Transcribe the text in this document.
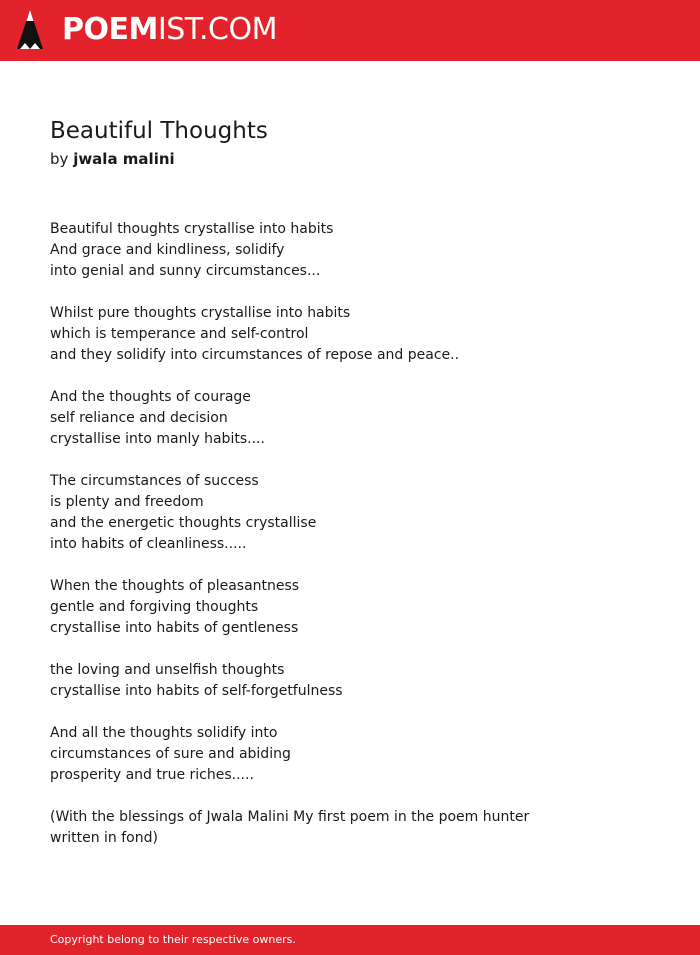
POEMIST.COM
Beautiful Thoughts
by jwala malini
Beautiful thoughts crystallise into habits
And grace and kindliness, solidify
into genial and sunny circumstances...
Whilst pure thoughts crystallise into habits
which is temperance and self-control
and they solidify into circumstances of repose and peace..
And the thoughts of courage
self reliance and decision
crystallise into manly habits....
The circumstances of success
is plenty and freedom
and the energetic thoughts crystallise
into habits of cleanliness.....
When the thoughts of pleasantness
gentle and forgiving thoughts
crystallise into habits of gentleness
the loving and unselfish thoughts
crystallise into habits of self-forgetfulness
And all the thoughts solidify into
circumstances of sure and abiding
prosperity and true riches.....
(With the blessings of Jwala Malini My first poem in the poem hunter
written in fond)
Copyright belong to their respective owners.
